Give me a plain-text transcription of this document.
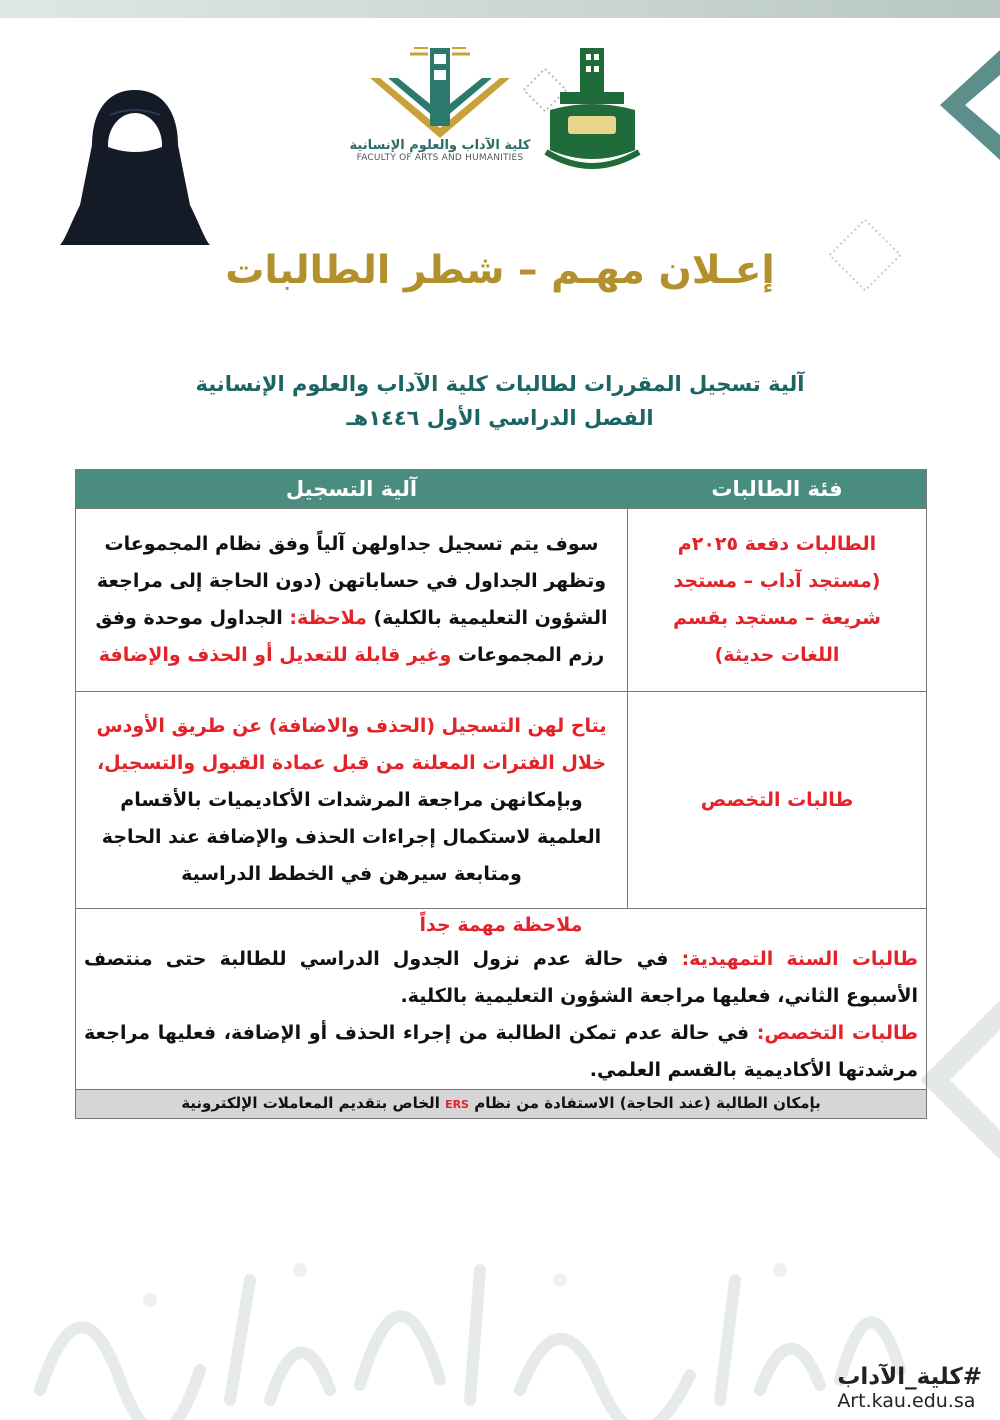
كلية الآداب والعلوم الإنسانية
FACULTY OF ARTS AND HUMANITIES
إعـلان مهـم – شطر الطالبات
آلية تسجيل المقررات لطالبات كلية الآداب والعلوم الإنسانية
الفصل الدراسي الأول ١٤٤٦هـ
فئة الطالبات	آلية التسجيل
الطالبات دفعة ٢٠٢٥م (مستجد آداب – مستجد شريعة – مستجد بقسم اللغات حديثة)	سوف يتم تسجيل جداولهن آلياً وفق نظام المجموعات وتظهر الجداول في حساباتهن (دون الحاجة إلى مراجعة الشؤون التعليمية بالكلية) ملاحظة: الجداول موحدة وفق رزم المجموعات وغير قابلة للتعديل أو الحذف والإضافة
طالبات التخصص	يتاح لهن التسجيل (الحذف والاضافة) عن طريق الأودس خلال الفترات المعلنة من قبل عمادة القبول والتسجيل، وبإمكانهن مراجعة المرشدات الأكاديميات بالأقسام العلمية لاستكمال إجراءات الحذف والإضافة عند الحاجة ومتابعة سيرهن في الخطط الدراسية

ملاحظة مهمة جداً
طالبات السنة التمهيدية: في حالة عدم نزول الجدول الدراسي للطالبة حتى منتصف الأسبوع الثاني، فعليها مراجعة الشؤون التعليمية بالكلية.
طالبات التخصص: في حالة عدم تمكن الطالبة من إجراء الحذف أو الإضافة، فعليها مراجعة مرشدتها الأكاديمية بالقسم العلمي.	

بإمكان الطالبة (عند الحاجة) الاستفادة من نظام ERS الخاص بتقديم المعاملات الإلكترونية	
#كلية_الآداب
Art.kau.edu.sa
